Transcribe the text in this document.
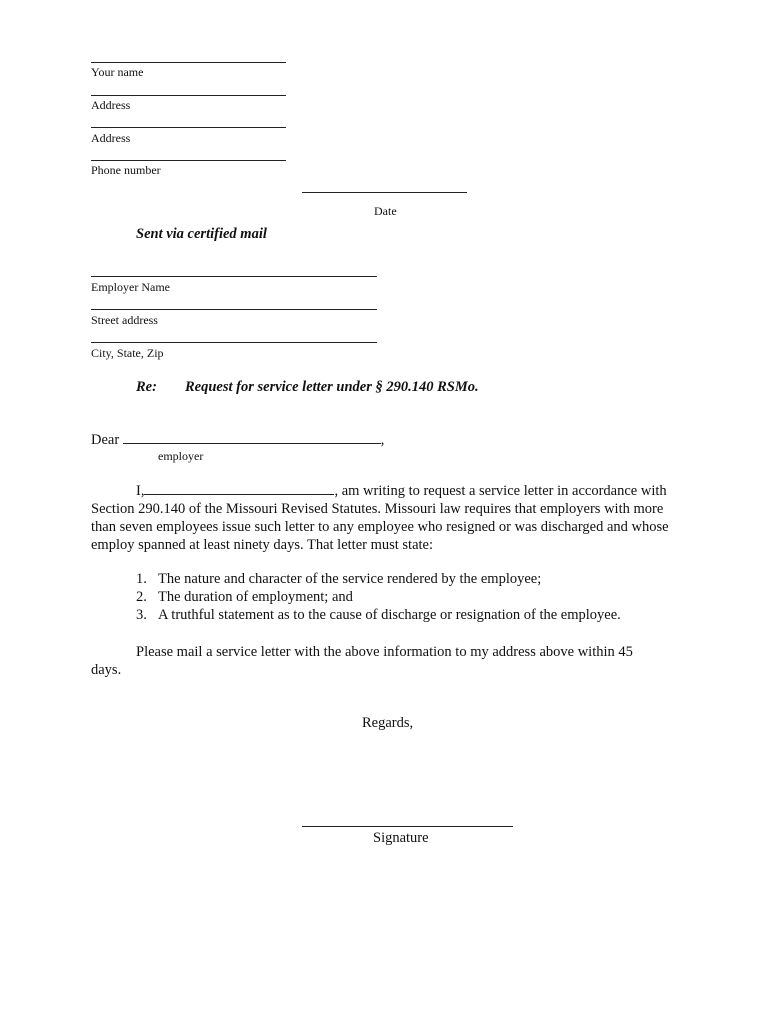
Your name
Address
Address
Phone number
Date
Sent via certified mail
Employer Name
Street address
City, State, Zip
Re: Request for service letter under § 290.140 RSMo.
Dear	,
employer
I,	, am writing to request a service letter in accordance with Section 290.140 of the Missouri Revised Statutes. Missouri law requires that employers with more than seven employees issue such letter to any employee who resigned or was discharged and whose employ spanned at least ninety days. That letter must state:
1. The nature and character of the service rendered by the employee;
2. The duration of employment; and
3. A truthful statement as to the cause of discharge or resignation of the employee.
Please mail a service letter with the above information to my address above within 45 days.
Regards,
Signature
